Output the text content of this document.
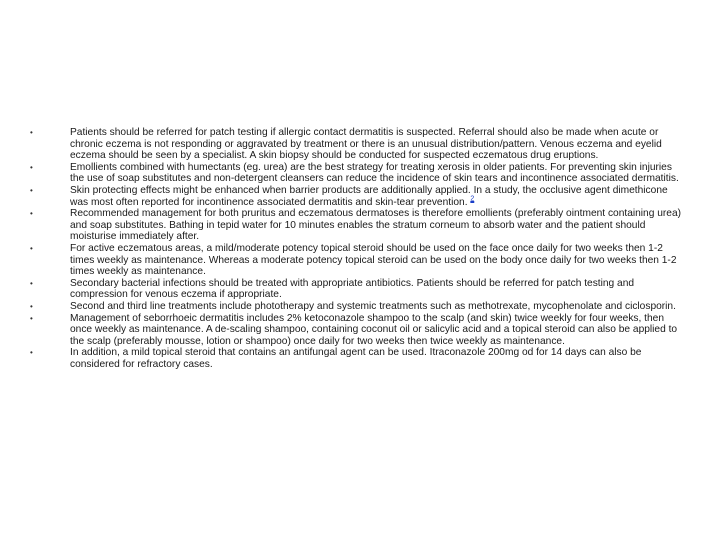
•	Patients should be referred for patch testing if allergic contact dermatitis is suspected. Referral should also be made when acute or chronic eczema is not responding or aggravated by treatment or there is an unusual distribution/pattern. Venous eczema and eyelid eczema should be seen by a specialist. A skin biopsy should be conducted for suspected eczematous drug eruptions.
•	Emollients combined with humectants (eg. urea) are the best strategy for treating xerosis in older patients. For preventing skin injuries the use of soap substitutes and non-detergent cleansers can reduce the incidence of skin tears and incontinence associated dermatitis.
•	Skin protecting effects might be enhanced when barrier products are additionally applied. In a study, the occlusive agent dimethicone was most often reported for incontinence associated dermatitis and skin-tear prevention. $^2$
•	Recommended management for both pruritus and eczematous dermatoses is therefore emollients (preferably ointment containing urea) and soap substitutes. Bathing in tepid water for 10 minutes enables the stratum corneum to absorb water and the patient should moisturise immediately after.
•	For active eczematous areas, a mild/moderate potency topical steroid should be used on the face once daily for two weeks then 1-2 times weekly as maintenance. Whereas a moderate potency topical steroid can be used on the body once daily for two weeks then 1-2 times weekly as maintenance.
•	Secondary bacterial infections should be treated with appropriate antibiotics. Patients should be referred for patch testing and compression for venous eczema if appropriate.
•	Second and third line treatments include phototherapy and systemic treatments such as methotrexate, mycophenolate and ciclosporin.
•	Management of seborrhoeic dermatitis includes 2% ketoconazole shampoo to the scalp (and skin) twice weekly for four weeks, then once weekly as maintenance. A de-scaling shampoo, containing coconut oil or salicylic acid and a topical steroid can also be applied to the scalp (preferably mousse, lotion or shampoo) once daily for two weeks then twice weekly as maintenance.
•	In addition, a mild topical steroid that contains an antifungal agent can be used. Itraconazole 200mg od for 14 days can also be considered for refractory cases.
